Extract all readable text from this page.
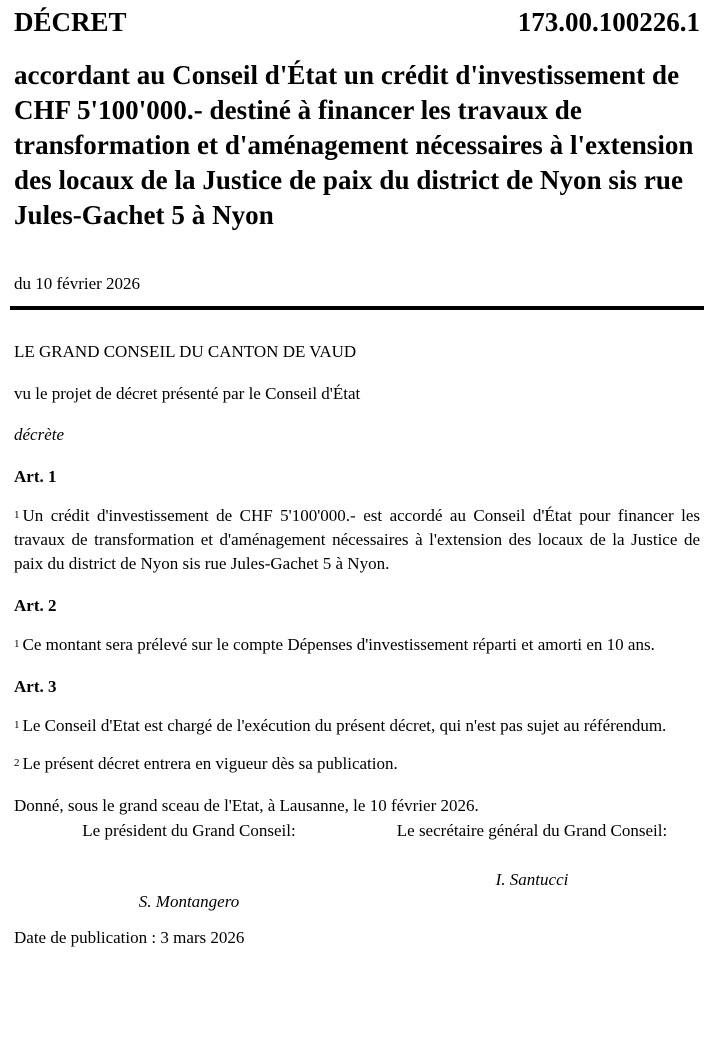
DÉCRET	173.00.100226.1
accordant au Conseil d'État un crédit d'investissement de CHF 5'100'000.- destiné à financer les travaux de transformation et d'aménagement nécessaires à l'extension des locaux de la Justice de paix du district de Nyon sis rue Jules-Gachet 5 à Nyon
du 10 février 2026
LE GRAND CONSEIL DU CANTON DE VAUD
vu le projet de décret présenté par le Conseil d'État
décrète
Art. 1
$^1$ Un crédit d'investissement de CHF 5'100'000.- est accordé au Conseil d'État pour financer les travaux de transformation et d'aménagement nécessaires à l'extension des locaux de la Justice de paix du district de Nyon sis rue Jules-Gachet 5 à Nyon.
Art. 2
$^1$ Ce montant sera prélevé sur le compte Dépenses d'investissement réparti et amorti en 10 ans.
Art. 3
$^1$ Le Conseil d'Etat est chargé de l'exécution du présent décret, qui n'est pas sujet au référendum.
$^2$ Le présent décret entrera en vigueur dès sa publication.
Donné, sous le grand sceau de l'Etat, à Lausanne, le 10 février 2026.
Le président du Grand Conseil:
S. Montangero
Le secrétaire général du Grand Conseil:
I. Santucci
Date de publication : 3 mars 2026
